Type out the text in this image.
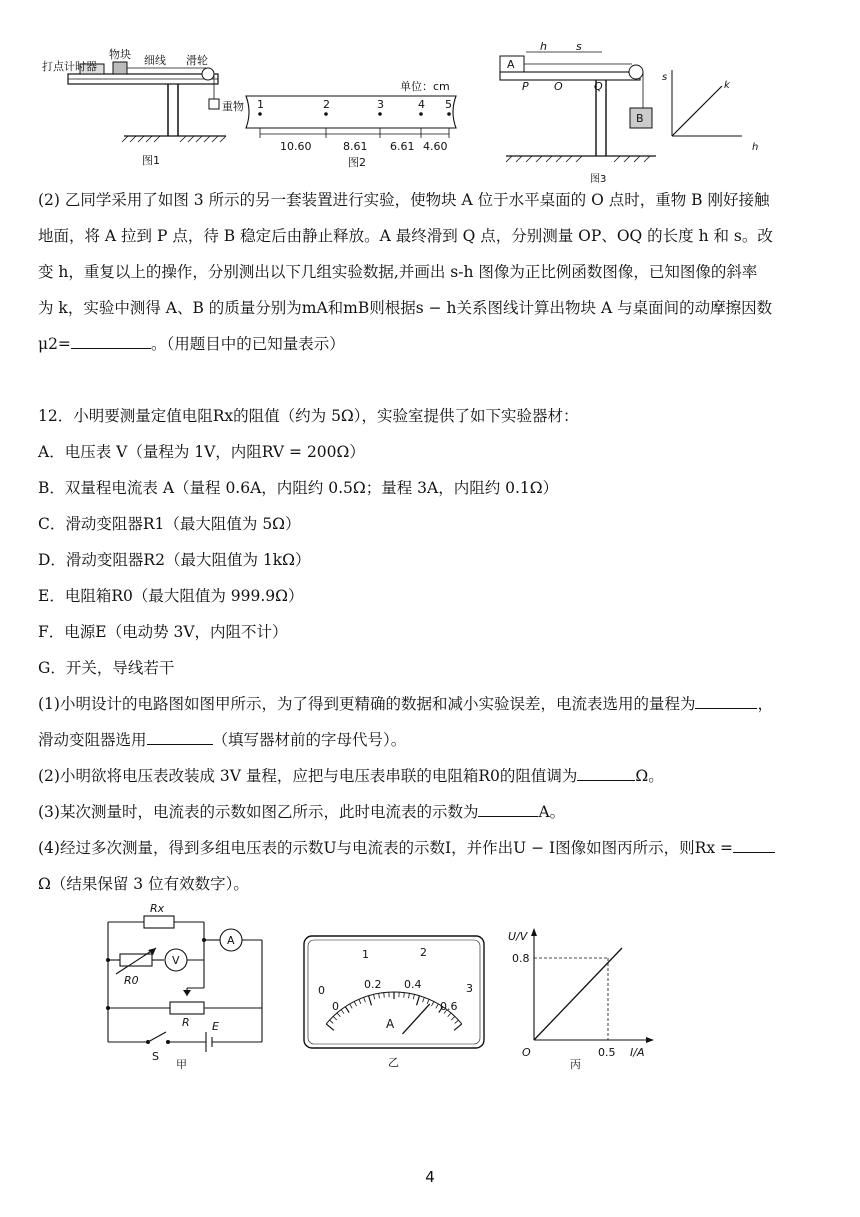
打点计时器
物块 细线 滑轮
重物
图1
单位：cm
1	2	3	4 5
10.60	8.61 6.61 4.60
图2
h	s
A
B
P O	Q
图3
s
h
k
(2) 乙同学采用了如图 3 所示的另一套装置进行实验，使物块 A 位于水平桌面的 O 点时，重物 B 刚好接触
地面，将 A 拉到 P 点，待 B 稳定后由静止释放。A 最终滑到 Q 点，分别测量 OP、OQ 的长度 h 和 s。改
变 h，重复以上的操作，分别测出以下几组实验数据,并画出 s-h 图像为正比例函数图像，已知图像的斜率
为 k，实验中测得 A、B 的质量分别为mA和mB则根据s − h关系图线计算出物块 A 与桌面间的动摩擦因数
μ2=	。（用题目中的已知量表示）
12．小明要测量定值电阻Rx的阻值（约为 5Ω），实验室提供了如下实验器材：
A．电压表 V（量程为 1V，内阻RV = 200Ω）
B．双量程电流表 A（量程 0.6A，内阻约 0.5Ω；量程 3A，内阻约 0.1Ω）
C．滑动变阻器R1（最大阻值为 5Ω）
D．滑动变阻器R2（最大阻值为 1kΩ）
E．电阻箱R0（最大阻值为 999.9Ω）
F．电源E（电动势 3V，内阻不计）
G．开关，导线若干
(1)小明设计的电路图如图甲所示，为了得到更精确的数据和减小实验误差，电流表选用的量程为	，
滑动变阻器选用	（填写器材前的字母代号）。
(2)小明欲将电压表改装成 3V 量程，应把与电压表串联的电阻箱R0的阻值调为	Ω。
(3)某次测量时，电流表的示数如图乙所示，此时电流表的示数为	A。
(4)经过多次测量，得到多组电压表的示数U与电流表的示数I，并作出U − I图像如图丙所示，则Rx =
Ω（结果保留 3 位有效数字）。
Rx
R0
V
A
R
S
E
甲
0
1	2
3
0
0.2 0.4
0.6
A
乙
U/V
I/A
0.8
0.5
O
丙
4
